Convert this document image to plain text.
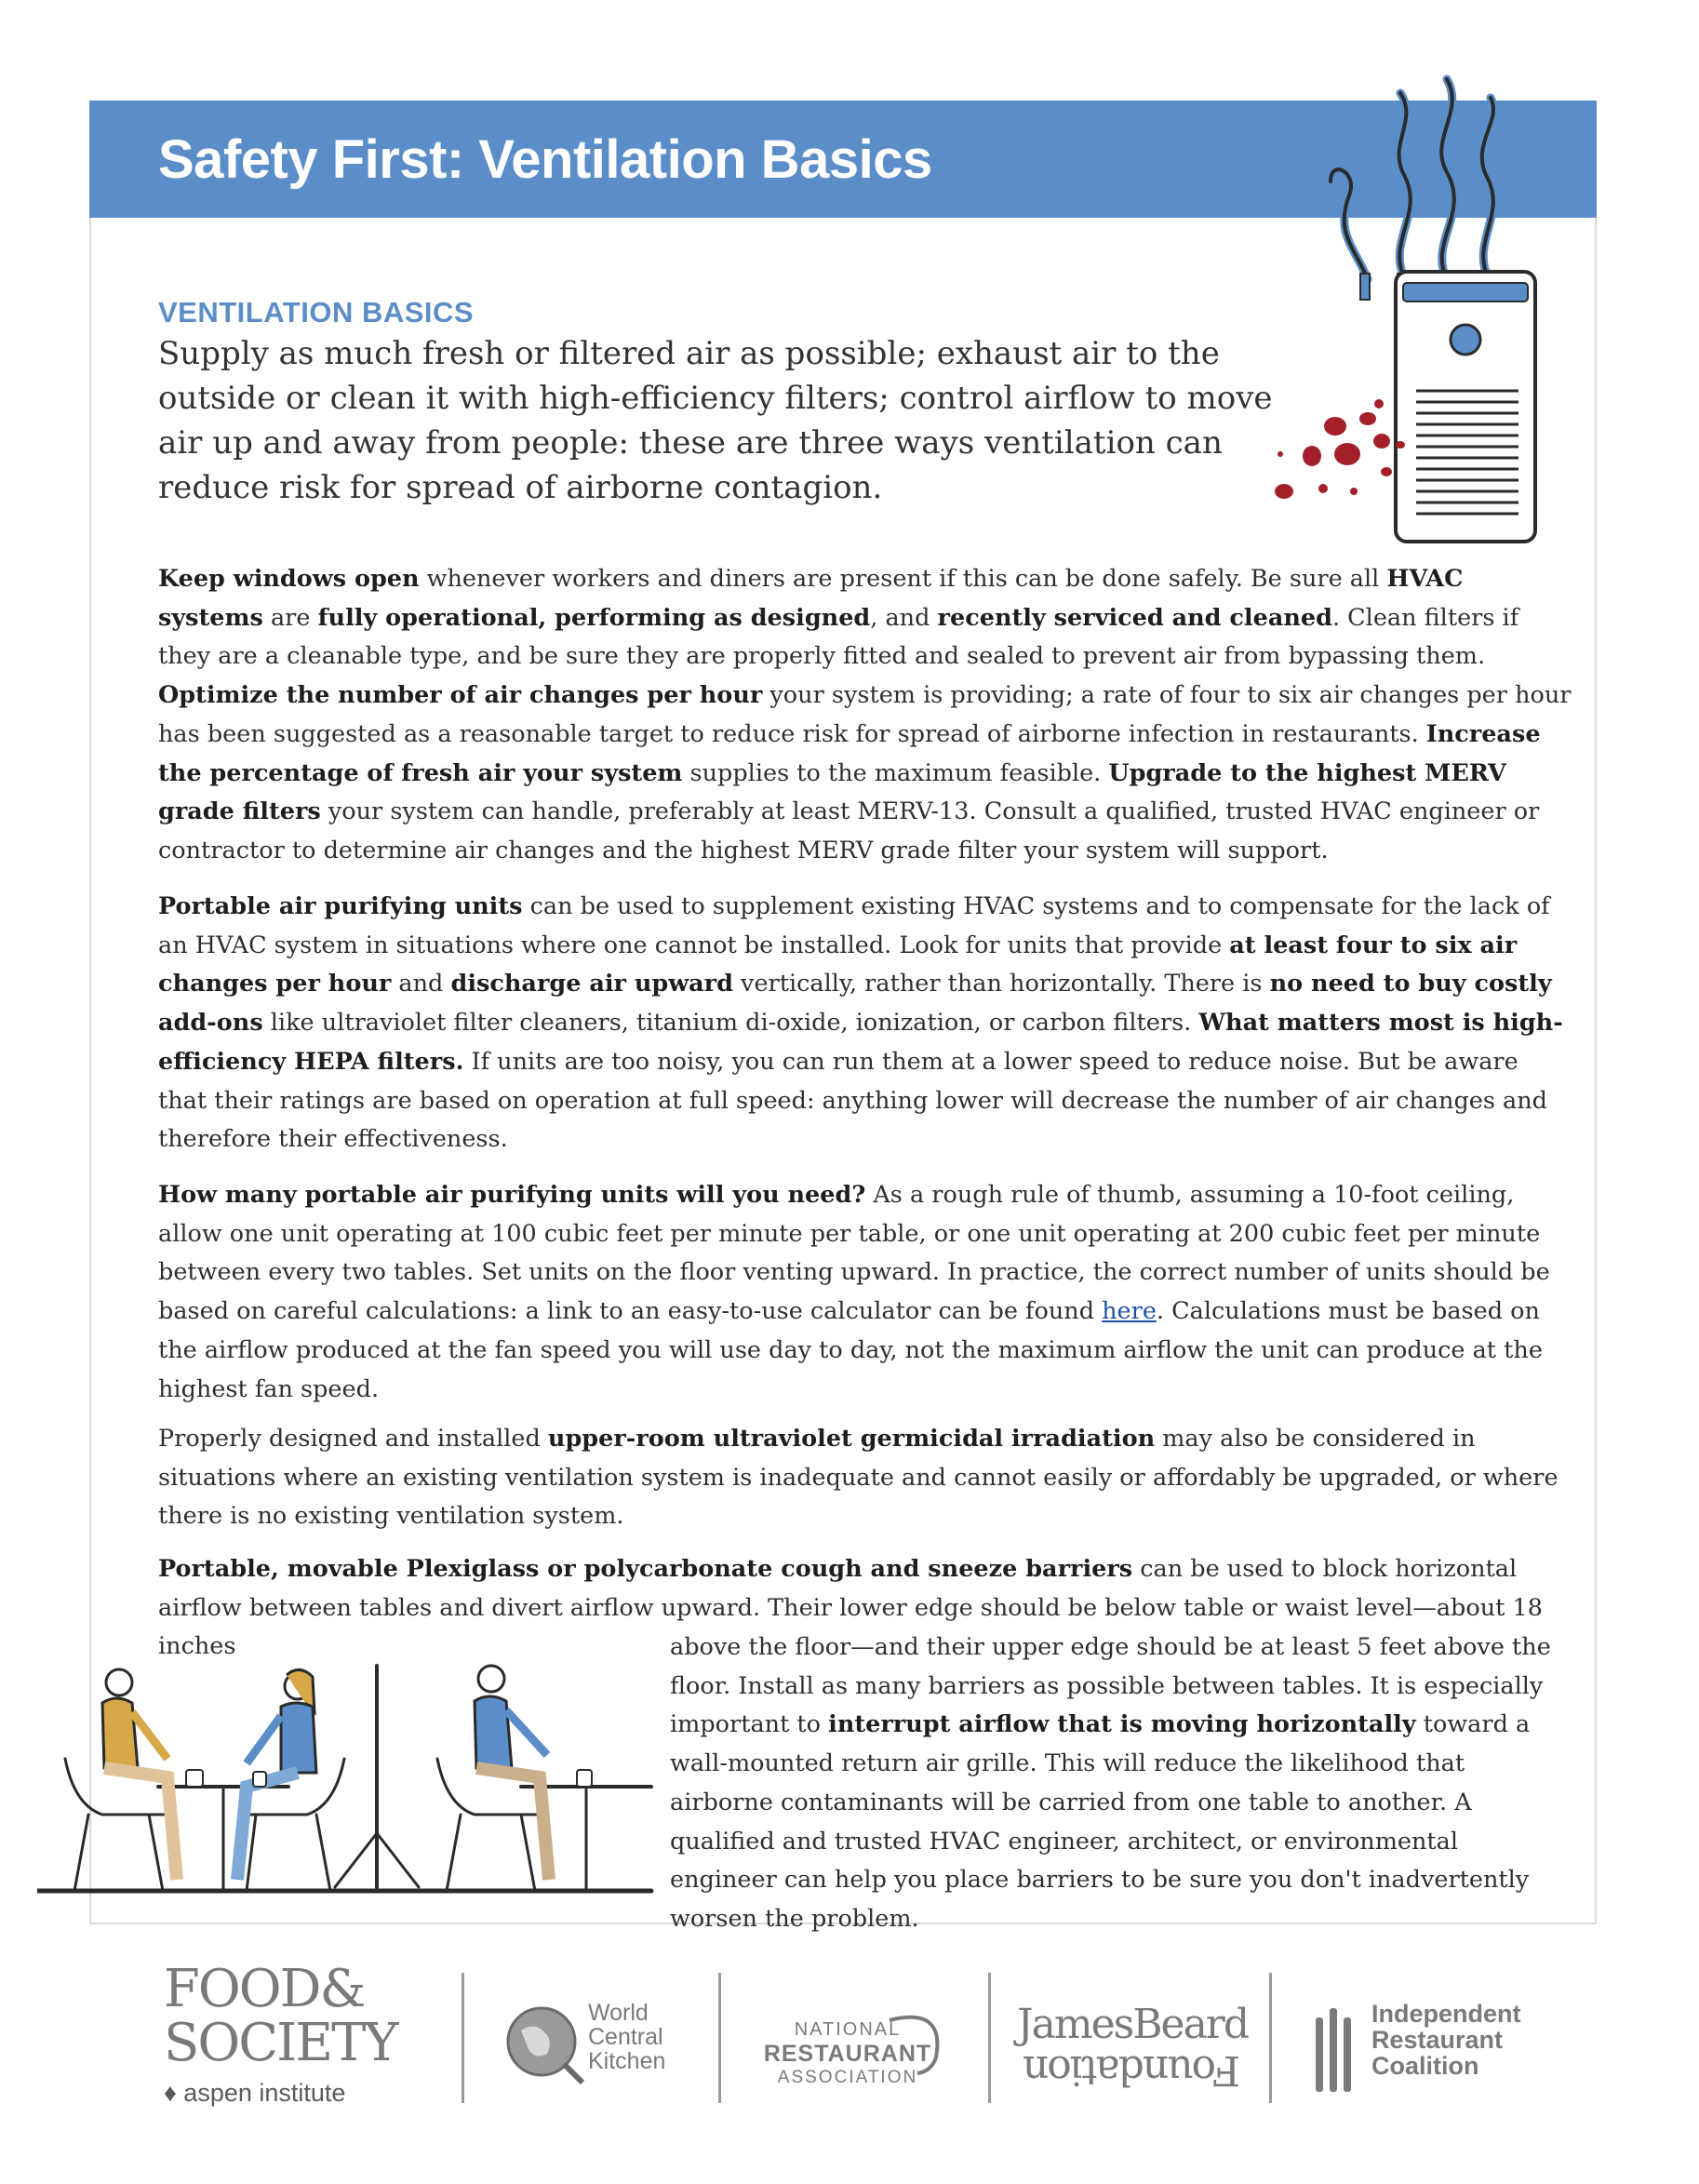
Safety First: Ventilation Basics
VENTILATION BASICS
Supply as much fresh or filtered air as possible; exhaust air to the outside or clean it with high-efficiency filters; control airflow to move air up and away from people: these are three ways ventilation can reduce risk for spread of airborne contagion.
Keep windows open whenever workers and diners are present if this can be done safely. Be sure all HVAC systems are fully operational, performing as designed, and recently serviced and cleaned. Clean filters if they are a cleanable type, and be sure they are properly fitted and sealed to prevent air from bypassing them. Optimize the number of air changes per hour your system is providing; a rate of four to six air changes per hour has been suggested as a reasonable target to reduce risk for spread of airborne infection in restaurants. Increase the percentage of fresh air your system supplies to the maximum feasible. Upgrade to the highest MERV grade filters your system can handle, preferably at least MERV-13. Consult a qualified, trusted HVAC engineer or contractor to determine air changes and the highest MERV grade filter your system will support.
Portable air purifying units can be used to supplement existing HVAC systems and to compensate for the lack of an HVAC system in situations where one cannot be installed. Look for units that provide at least four to six air changes per hour and discharge air upward vertically, rather than horizontally. There is no need to buy costly add-ons like ultraviolet filter cleaners, titanium di-oxide, ionization, or carbon filters. What matters most is high-efficiency HEPA filters. If units are too noisy, you can run them at a lower speed to reduce noise. But be aware that their ratings are based on operation at full speed: anything lower will decrease the number of air changes and therefore their effectiveness.
How many portable air purifying units will you need? As a rough rule of thumb, assuming a 10-foot ceiling, allow one unit operating at 100 cubic feet per minute per table, or one unit operating at 200 cubic feet per minute between every two tables. Set units on the floor venting upward. In practice, the correct number of units should be based on careful calculations: a link to an easy-to-use calculator can be found here. Calculations must be based on the airflow produced at the fan speed you will use day to day, not the maximum airflow the unit can produce at the highest fan speed.
Properly designed and installed upper-room ultraviolet germicidal irradiation may also be considered in situations where an existing ventilation system is inadequate and cannot easily or affordably be upgraded, or where there is no existing ventilation system.
Portable, movable Plexiglass or polycarbonate cough and sneeze barriers can be used to block horizontal airflow between tables and divert airflow upward. Their lower edge should be below table or waist level—about 18 inches	above the floor—and their upper edge should be at least 5 feet above the floor. Install as many barriers as possible between tables. It is especially important to interrupt airflow that is moving horizontally toward a wall-mounted return air grille. This will reduce the likelihood that airborne contaminants will be carried from one table to another. A qualified and trusted HVAC engineer, architect, or environmental engineer can help you place barriers to be sure you don't inadvertently worsen the problem.
FOOD&
SOCIETY
♦ aspen institute
World
Central
Kitchen
NATIONAL
RESTAURANT
ASSOCIATION
JamesBeard
Foundation
Independent
Restaurant
Coalition
